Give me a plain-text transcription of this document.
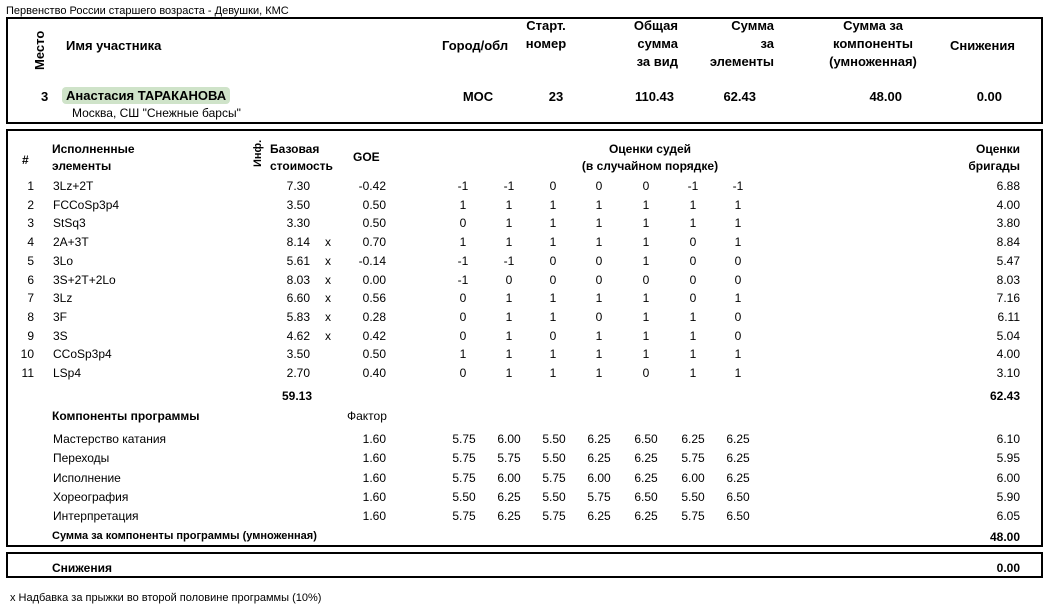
Первенство России старшего возраста - Девушки, КМС
Место Имя участника	Город/обл
Старт.
номер
Общая
сумма
за вид
Сумма
за
элементы
Сумма за
компоненты
(умноженная)
Снижения
3	Анастасия ТАРАКАНОВА
Москва, СШ "Снежные барсы"
МОС	23	110.43	62.43	48.00	0.00
#
Исполненные
элементы	Инф. Базовая
стоимость
GOE
Оценки судей
(в случайном порядке)
Оценки
бригады
1 3Lz+2T	7.30	-0.42	-1	-1	0	0	0	-1	-1	6.88
2 FCCoSp3p4	3.50	0.50	1	1	1	1	1	1	1	4.00
3 StSq3	3.30	0.50	0	1	1	1	1	1	1	3.80
4 2A+3T	8.14 x	0.70	1	1	1	1	1	0	1	8.84
5 3Lo	5.61 x	-0.14	-1	-1	0	0	1	0	0	5.47
6 3S+2T+2Lo	8.03 x	0.00	-1	0	0	0	0	0	0	8.03
7 3Lz	6.60 x	0.56	0	1	1	1	1	0	1	7.16
8 3F	5.83 x	0.28	0	1	1	0	1	1	0	6.11
9 3S	4.62 x	0.42	0	1	0	1	1	1	0	5.04
10 CCoSp3p4	3.50	0.50	1	1	1	1	1	1	1	4.00
11 LSp4	2.70	0.40	0	1	1	1	0	1	1	3.10
59.13	62.43
Компоненты программы	Фактор
Мастерство катания	1.60	5.75	6.00	5.50	6.25	6.50	6.25	6.25	6.10
Переходы	1.60	5.75	5.75	5.50	6.25	6.25	5.75	6.25	5.95
Исполнение	1.60	5.75	6.00	5.75	6.00	6.25	6.00	6.25	6.00
Хореография	1.60	5.50	6.25	5.50	5.75	6.50	5.50	6.50	5.90
Интерпретация	1.60	5.75	6.25	5.75	6.25	6.25	5.75	6.50	6.05
Сумма за компоненты программы (умноженная)	48.00
Снижения	0.00
x Надбавка за прыжки во второй половине программы (10%)
